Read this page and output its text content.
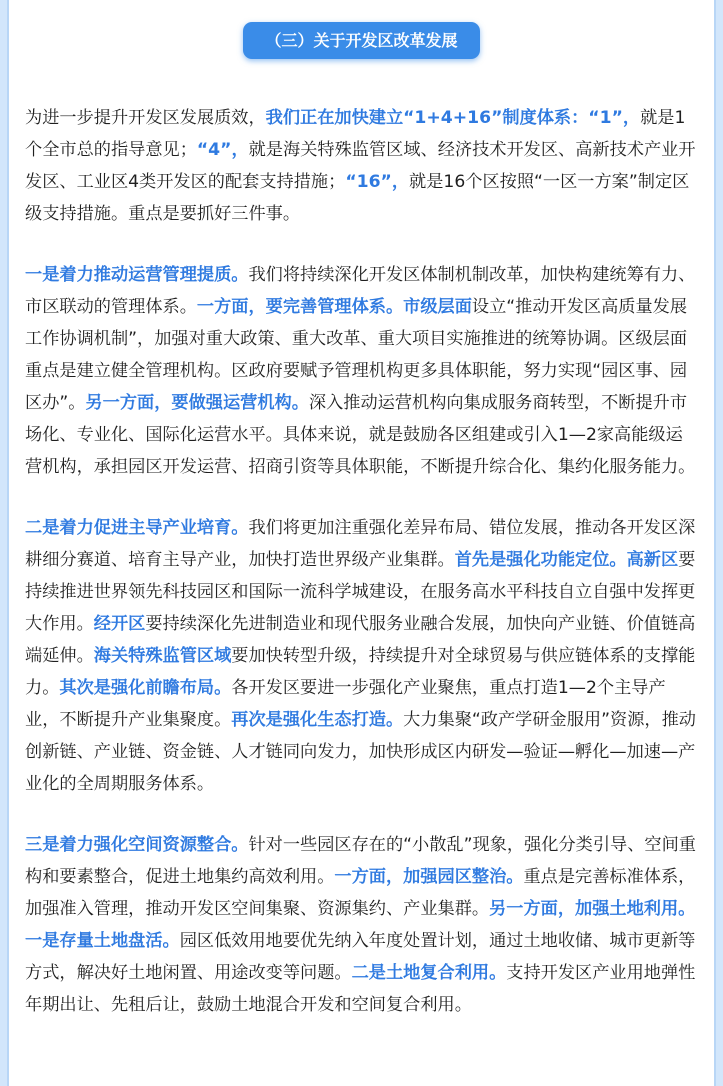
（三）关于开发区改革发展

为进一步提升开发区发展质效，我们正在加快建立“1+4+16”制度体系：“1”，就是1个全市总的指导意见；“4”，就是海关特殊监管区域、经济技术开发区、高新技术产业开发区、工业区4类开发区的配套支持措施；“16”，就是16个区按照“一区一方案”制定区级支持措施。重点是要抓好三件事。

一是着力推动运营管理提质。我们将持续深化开发区体制机制改革，加快构建统筹有力、市区联动的管理体系。一方面，要完善管理体系。市级层面设立“推动开发区高质量发展工作协调机制”，加强对重大政策、重大改革、重大项目实施推进的统筹协调。区级层面重点是建立健全管理机构。区政府要赋予管理机构更多具体职能，努力实现“园区事、园区办”。另一方面，要做强运营机构。深入推动运营机构向集成服务商转型，不断提升市场化、专业化、国际化运营水平。具体来说，就是鼓励各区组建或引入1—2家高能级运营机构，承担园区开发运营、招商引资等具体职能，不断提升综合化、集约化服务能力。

二是着力促进主导产业培育。我们将更加注重强化差异布局、错位发展，推动各开发区深耕细分赛道、培育主导产业，加快打造世界级产业集群。首先是强化功能定位。高新区要持续推进世界领先科技园区和国际一流科学城建设，在服务高水平科技自立自强中发挥更大作用。经开区要持续深化先进制造业和现代服务业融合发展，加快向产业链、价值链高端延伸。海关特殊监管区域要加快转型升级，持续提升对全球贸易与供应链体系的支撑能力。其次是强化前瞻布局。各开发区要进一步强化产业聚焦，重点打造1—2个主导产业，不断提升产业集聚度。再次是强化生态打造。大力集聚“政产学研金服用”资源，推动创新链、产业链、资金链、人才链同向发力，加快形成区内研发—验证—孵化—加速—产业化的全周期服务体系。

三是着力强化空间资源整合。针对一些园区存在的“小散乱”现象，强化分类引导、空间重构和要素整合，促进土地集约高效利用。一方面，加强园区整治。重点是完善标准体系，加强准入管理，推动开发区空间集聚、资源集约、产业集群。另一方面，加强土地利用。一是存量土地盘活。园区低效用地要优先纳入年度处置计划，通过土地收储、城市更新等方式，解决好土地闲置、用途改变等问题。二是土地复合利用。支持开发区产业用地弹性年期出让、先租后让，鼓励土地混合开发和空间复合利用。
